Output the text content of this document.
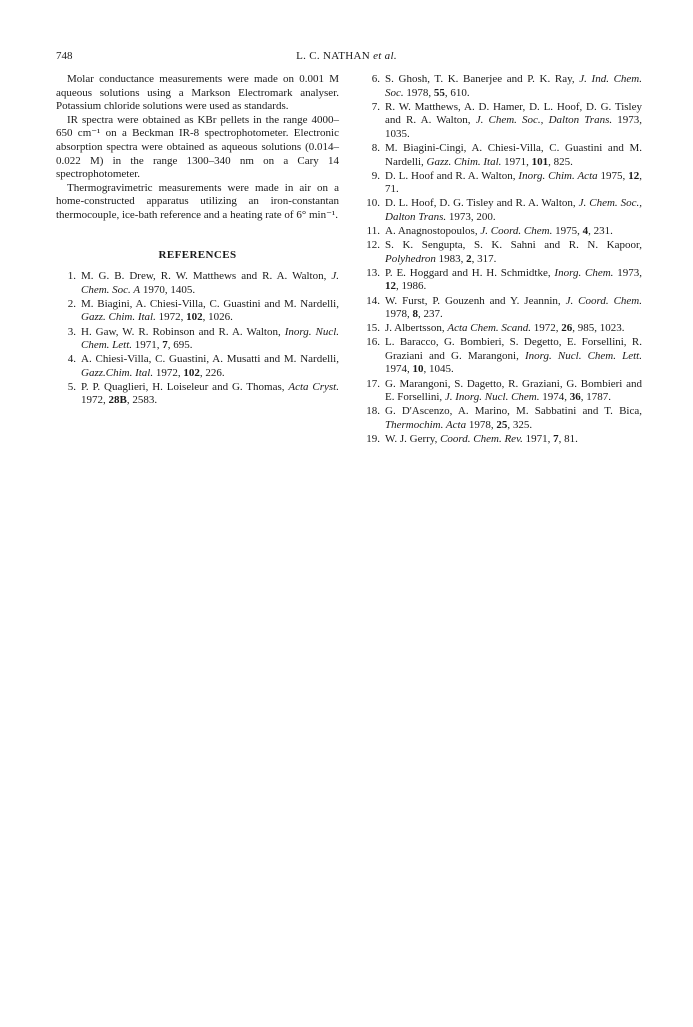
748	L. C. NATHAN et al.

Molar conductance measurements were made on 0.001 M aqueous solutions using a Markson Electromark analyser. Potassium chloride solutions were used as standards.

IR spectra were obtained as KBr pellets in the range 4000–650 cm⁻¹ on a Beckman IR-8 spectrophotometer. Electronic absorption spectra were obtained as aqueous solutions (0.014–0.022 M) in the range 1300–340 nm on a Cary 14 spectrophotometer.

Thermogravimetric measurements were made in air on a home-constructed apparatus utilizing an iron-constantan thermocouple, ice-bath reference and a heating rate of 6° min⁻¹.

REFERENCES
1. M. G. B. Drew, R. W. Matthews and R. A. Walton, J. Chem. Soc. A 1970, 1405.
2. M. Biagini, A. Chiesi-Villa, C. Guastini and M. Nardelli, Gazz. Chim. Ital. 1972, 102, 1026.
3. H. Gaw, W. R. Robinson and R. A. Walton, Inorg. Nucl. Chem. Lett. 1971, 7, 695.
4. A. Chiesi-Villa, C. Guastini, A. Musatti and M. Nardelli, Gazz.Chim. Ital. 1972, 102, 226.
5. P. P. Quaglieri, H. Loiseleur and G. Thomas, Acta Cryst. 1972, 28B, 2583.
6. S. Ghosh, T. K. Banerjee and P. K. Ray, J. Ind. Chem. Soc. 1978, 55, 610.
7. R. W. Matthews, A. D. Hamer, D. L. Hoof, D. G. Tisley and R. A. Walton, J. Chem. Soc., Dalton Trans. 1973, 1035.
8. M. Biagini-Cingi, A. Chiesi-Villa, C. Guastini and M. Nardelli, Gazz. Chim. Ital. 1971, 101, 825.
9. D. L. Hoof and R. A. Walton, Inorg. Chim. Acta 1975, 12, 71.
10. D. L. Hoof, D. G. Tisley and R. A. Walton, J. Chem. Soc., Dalton Trans. 1973, 200.
11. A. Anagnostopoulos, J. Coord. Chem. 1975, 4, 231.
12. S. K. Sengupta, S. K. Sahni and R. N. Kapoor, Polyhedron 1983, 2, 317.
13. P. E. Hoggard and H. H. Schmidtke, Inorg. Chem. 1973, 12, 1986.
14. W. Furst, P. Gouzenh and Y. Jeannin, J. Coord. Chem. 1978, 8, 237.
15. J. Albertsson, Acta Chem. Scand. 1972, 26, 985, 1023.
16. L. Baracco, G. Bombieri, S. Degetto, E. Forsellini, R. Graziani and G. Marangoni, Inorg. Nucl. Chem. Lett. 1974, 10, 1045.
17. G. Marangoni, S. Dagetto, R. Graziani, G. Bombieri and E. Forsellini, J. Inorg. Nucl. Chem. 1974, 36, 1787.
18. G. D'Ascenzo, A. Marino, M. Sabbatini and T. Bica, Thermochim. Acta 1978, 25, 325.
19. W. J. Gerry, Coord. Chem. Rev. 1971, 7, 81.
